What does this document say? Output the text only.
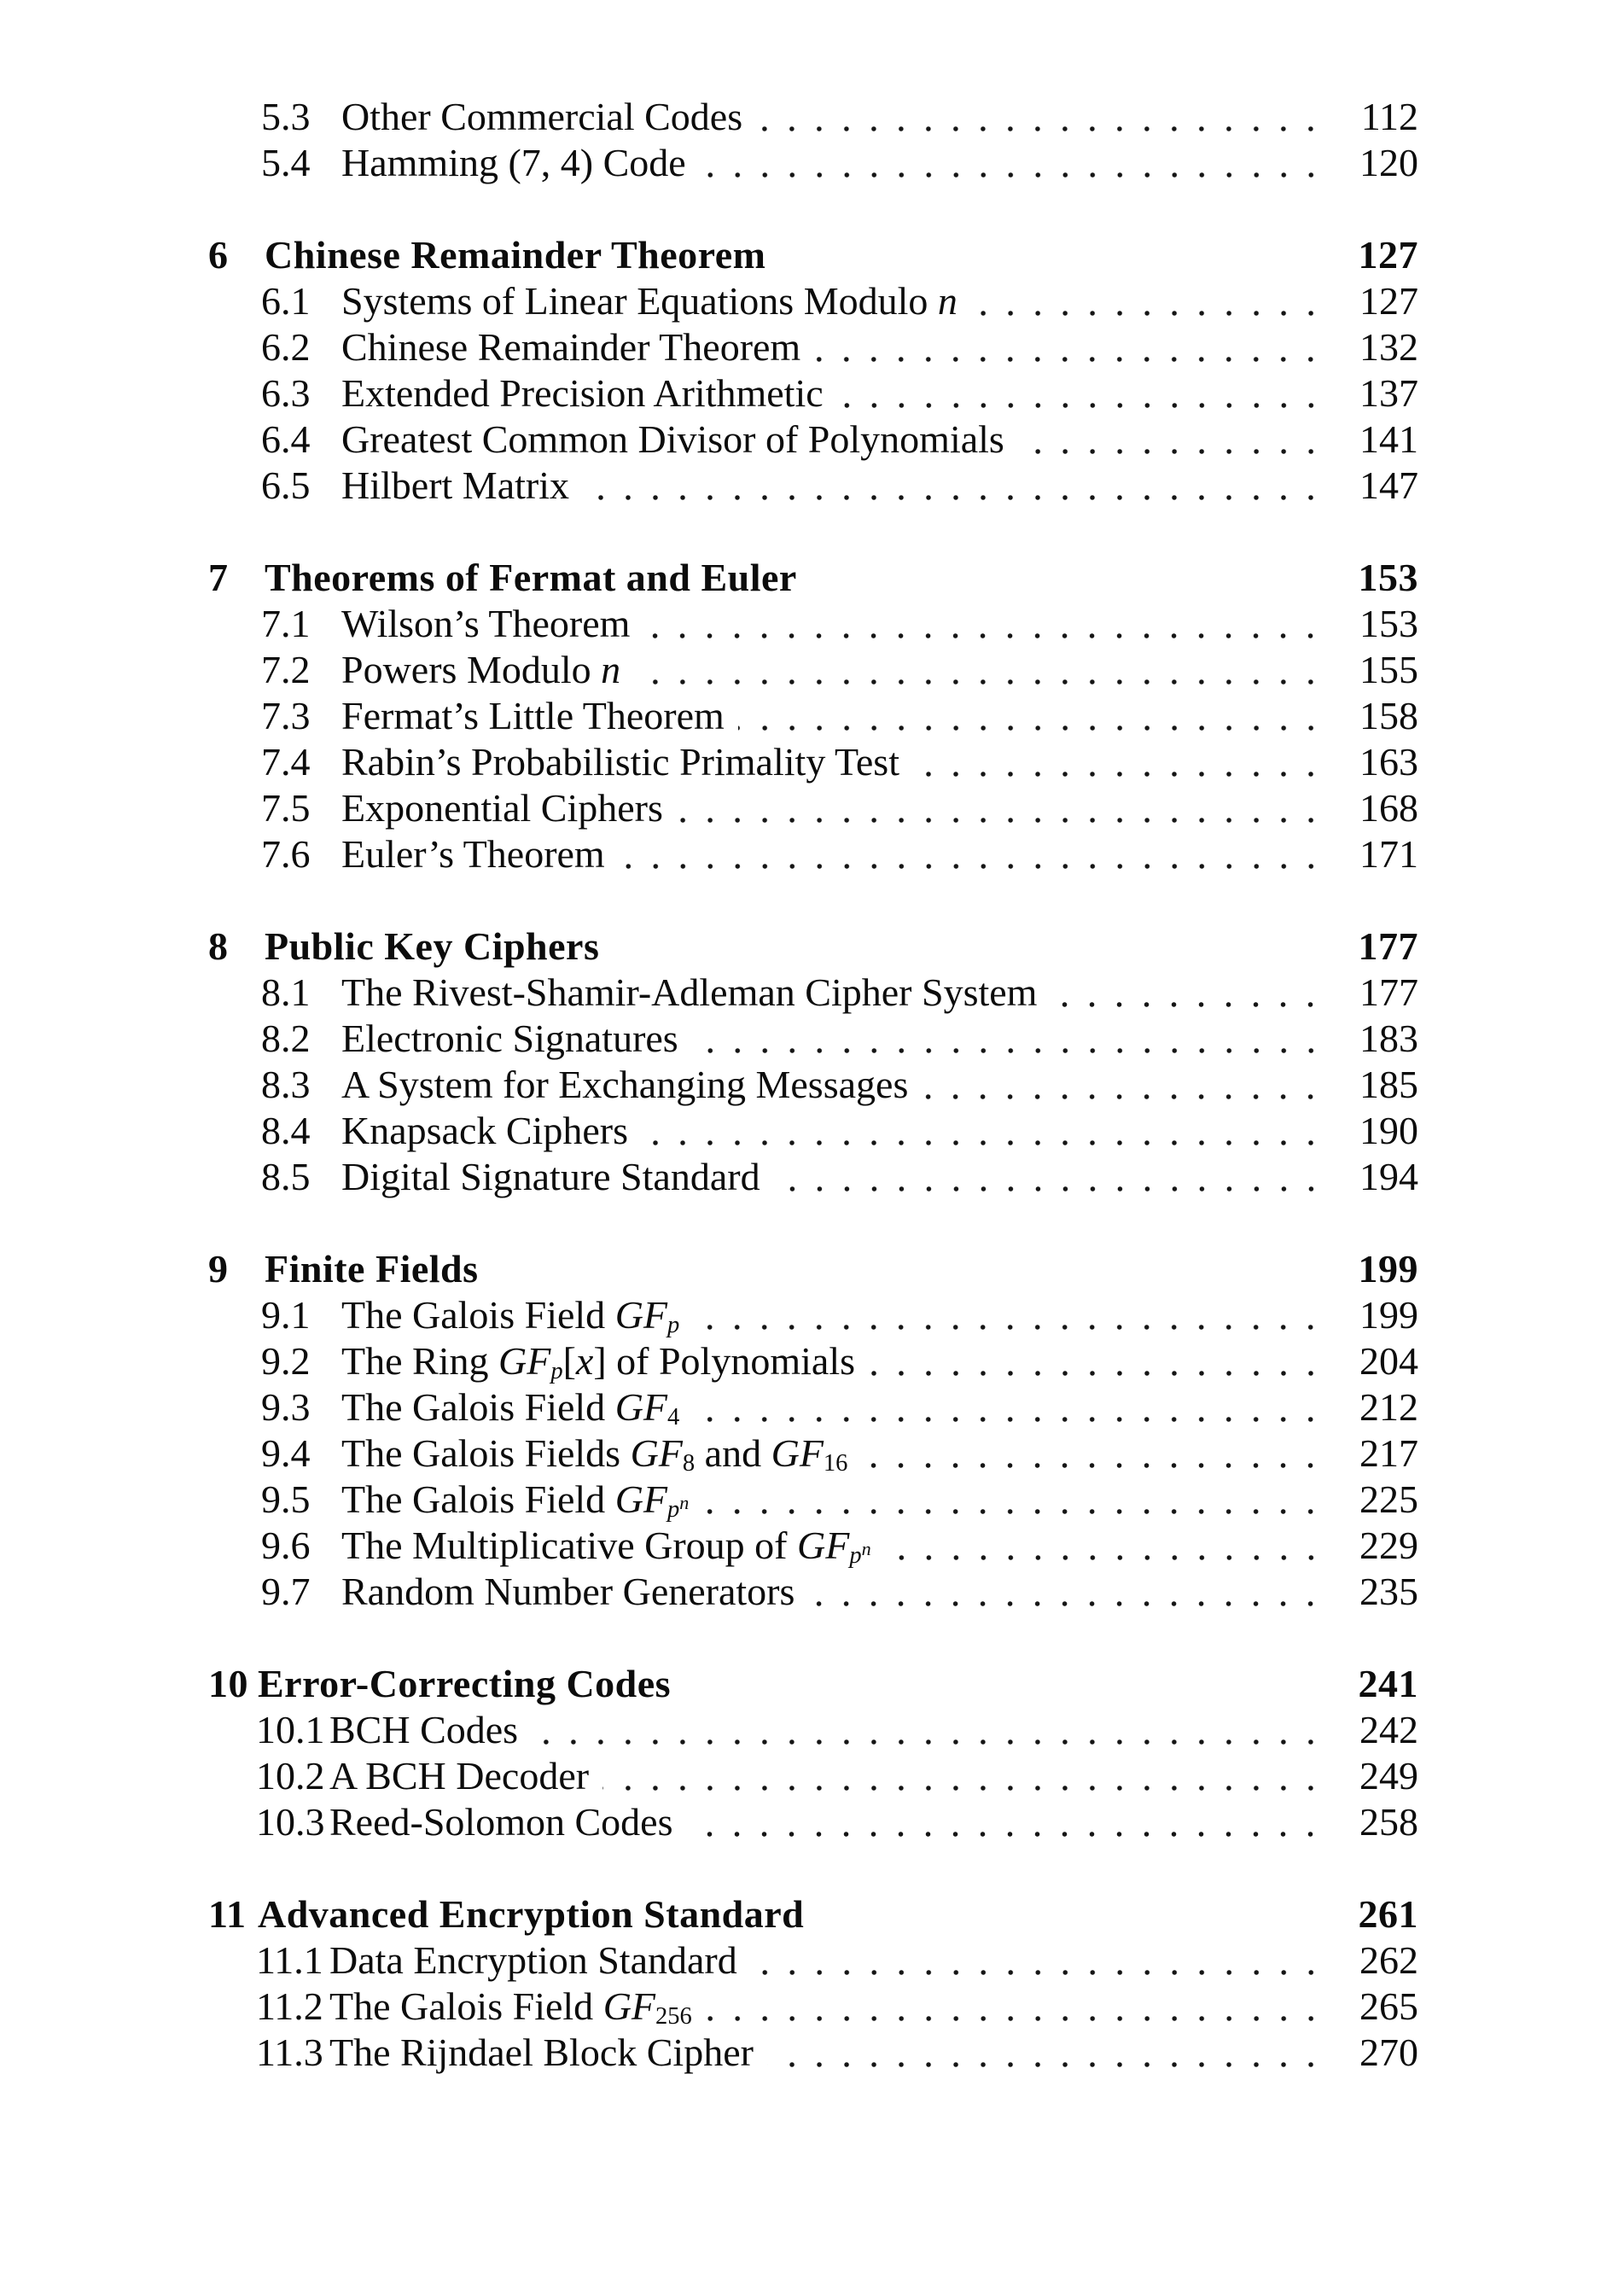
5.3 Other Commercial Codes	112
5.4 Hamming (7, 4) Code	120
6 Chinese Remainder Theorem	127
6.1 Systems of Linear Equations Modulo n	127
6.2 Chinese Remainder Theorem	132
6.3 Extended Precision Arithmetic	137
6.4 Greatest Common Divisor of Polynomials	141
6.5 Hilbert Matrix	147
7 Theorems of Fermat and Euler	153
7.1 Wilson’s Theorem	153
7.2 Powers Modulo n	155
7.3 Fermat’s Little Theorem	158
7.4 Rabin’s Probabilistic Primality Test	163
7.5 Exponential Ciphers	168
7.6 Euler’s Theorem	171
8 Public Key Ciphers	177
8.1 The Rivest-Shamir-Adleman Cipher System	177
8.2 Electronic Signatures	183
8.3 A System for Exchanging Messages	185
8.4 Knapsack Ciphers	190
8.5 Digital Signature Standard	194
9 Finite Fields	199
9.1 The Galois Field GFp	199
9.2 The Ring GFp[x] of Polynomials	204
9.3 The Galois Field GF4	212
9.4 The Galois Fields GF8 and GF16	217
9.5 The Galois Field GFpn	225
9.6 The Multiplicative Group of GFpn	229
9.7 Random Number Generators	235
10 Error-Correcting Codes	241
10.1 BCH Codes	242
10.2 A BCH Decoder	249
10.3 Reed-Solomon Codes	258
11 Advanced Encryption Standard	261
11.1 Data Encryption Standard	262
11.2 The Galois Field GF256	265
11.3 The Rijndael Block Cipher	270
